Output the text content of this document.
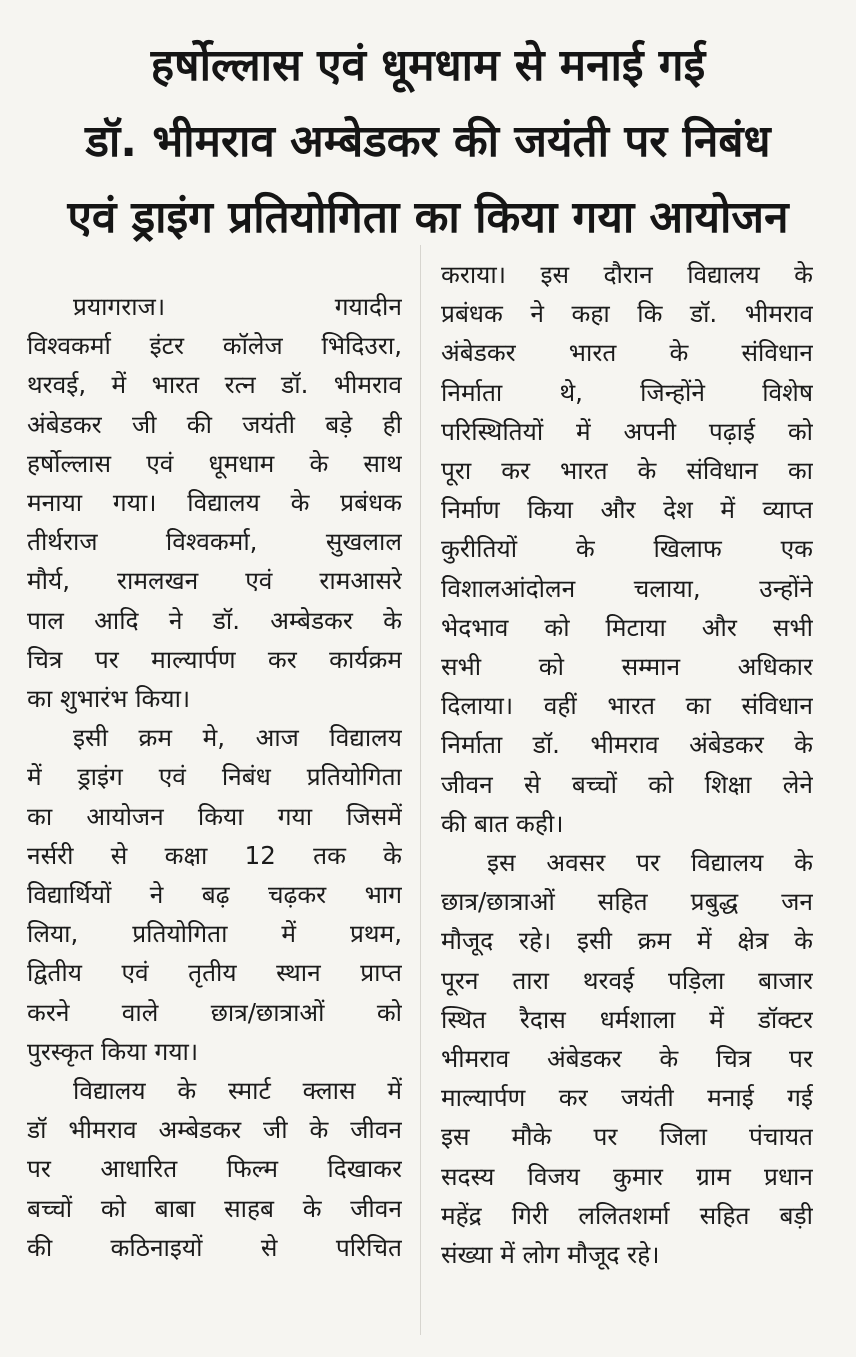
हर्षोल्लास एवं धूमधाम से मनाई गई
डॉ. भीमराव अम्बेडकर की जयंती पर निबंध
एवं ड्राइंग प्रतियोगिता का किया गया आयोजन
प्रयागराज। गयादीन
विश्वकर्मा इंटर कॉलेज भिदिउरा,
थरवई, में भारत रत्न डॉ. भीमराव
अंबेडकर जी की जयंती बड़े ही
हर्षोल्लास एवं धूमधाम के साथ
मनाया गया। विद्यालय के प्रबंधक
तीर्थराज विश्वकर्मा, सुखलाल
मौर्य, रामलखन एवं रामआसरे
पाल आदि ने डॉ. अम्बेडकर के
चित्र पर माल्यार्पण कर कार्यक्रम
का शुभारंभ किया।
इसी क्रम मे, आज विद्यालय
में ड्राइंग एवं निबंध प्रतियोगिता
का आयोजन किया गया जिसमें
नर्सरी से कक्षा 12 तक के
विद्यार्थियों ने बढ़ चढ़कर भाग
लिया, प्रतियोगिता में प्रथम,
द्वितीय एवं तृतीय स्थान प्राप्त
करने वाले छात्र/छात्राओं को
पुरस्कृत किया गया।
विद्यालय के स्मार्ट क्लास में
डॉ भीमराव अम्बेडकर जी के जीवन
पर आधारित फिल्म दिखाकर
बच्चों को बाबा साहब के जीवन
की कठिनाइयों से परिचित
कराया। इस दौरान विद्यालय के
प्रबंधक ने कहा कि डॉ. भीमराव
अंबेडकर भारत के संविधान
निर्माता थे, जिन्होंने विशेष
परिस्थितियों में अपनी पढ़ाई को
पूरा कर भारत के संविधान का
निर्माण किया और देश में व्याप्त
कुरीतियों के खिलाफ एक
विशालआंदोलन चलाया, उन्होंने
भेदभाव को मिटाया और सभी
सभी को सम्मान अधिकार
दिलाया। वहीं भारत का संविधान
निर्माता डॉ. भीमराव अंबेडकर के
जीवन से बच्चों को शिक्षा लेने
की बात कही।
इस अवसर पर विद्यालय के
छात्र/छात्राओं सहित प्रबुद्ध जन
मौजूद रहे। इसी क्रम में क्षेत्र के
पूरन तारा थरवई पड़िला बाजार
स्थित रैदास धर्मशाला में डॉक्टर
भीमराव अंबेडकर के चित्र पर
माल्यार्पण कर जयंती मनाई गई
इस मौके पर जिला पंचायत
सदस्य विजय कुमार ग्राम प्रधान
महेंद्र गिरी ललितशर्मा सहित बड़ी
संख्या में लोग मौजूद रहे।
